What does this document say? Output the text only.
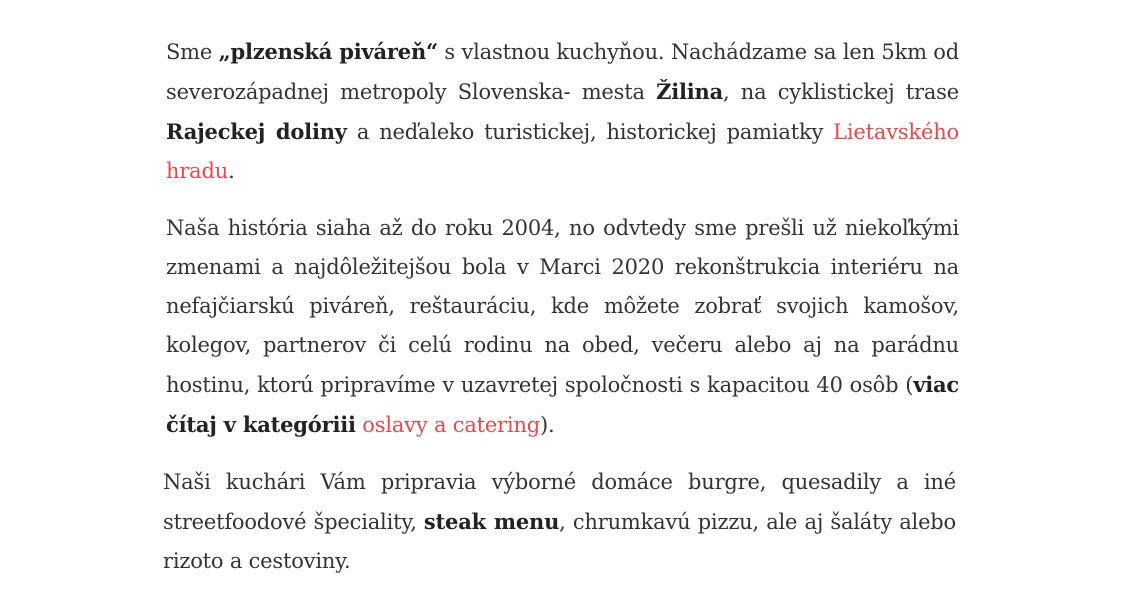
Sme „plzenská piváreň“ s vlastnou kuchyňou. Nachádzame sa len 5km od severozápadnej metropoly Slovenska- mesta Žilina, na cyklistickej trase Rajeckej doliny a neďaleko turistickej, historickej pamiatky Lietavského hradu.

Naša história siaha až do roku 2004, no odvtedy sme prešli už niekoľkými zmenami a najdôležitejšou bola v Marci 2020 rekonštrukcia interiéru na nefajčiarskú piváreň, reštauráciu, kde môžete zobrať svojich kamošov, kolegov, partnerov či celú rodinu na obed, večeru alebo aj na parádnu hostinu, ktorú pripravíme v uzavretej spoločnosti s kapacitou 40 osôb (viac čítaj v kategóriii oslavy a catering).

Naši kuchári Vám pripravia výborné domáce burgre, quesadily a iné streetfoodové špeciality, steak menu, chrumkavú pizzu, ale aj šaláty alebo rizoto a cestoviny.
